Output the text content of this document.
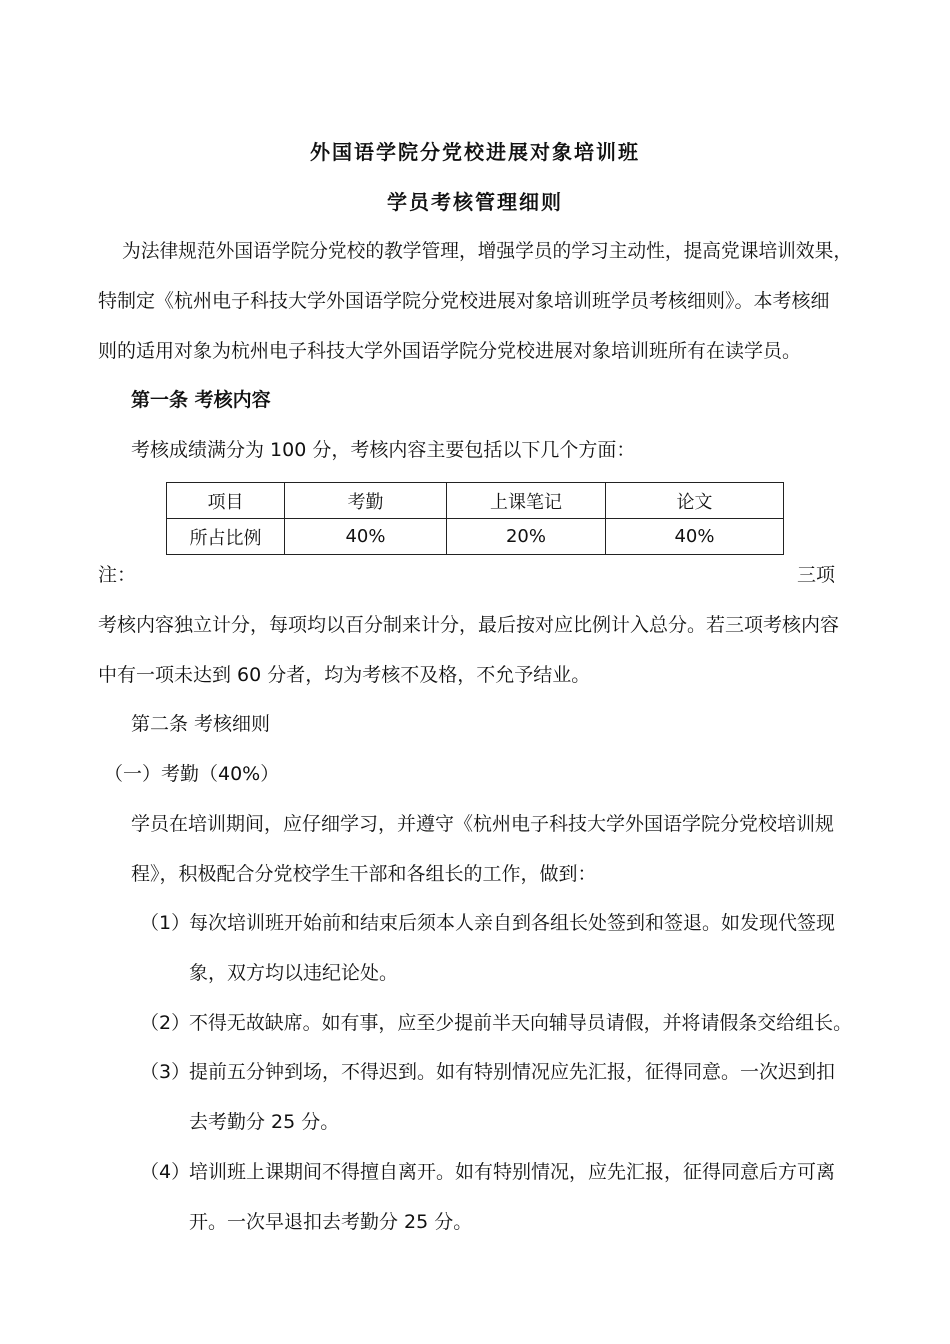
外国语学院分党校进展对象培训班
学员考核管理细则
为法律规范外国语学院分党校的教学管理，增强学员的学习主动性，提高党课培训效果，
特制定《杭州电子科技大学外国语学院分党校进展对象培训班学员考核细则》。本考核细
则的适用对象为杭州电子科技大学外国语学院分党校进展对象培训班所有在读学员。
第一条 考核内容
考核成绩满分为 100 分，考核内容主要包括以下几个方面：
项目	考勤	上课笔记	论文
所占比例	40%	20%	40%
注：	三项
考核内容独立计分，每项均以百分制来计分，最后按对应比例计入总分。若三项考核内容
中有一项未达到 60 分者，均为考核不及格，不允予结业。
第二条 考核细则
（一）考勤（40%）
学员在培训期间，应仔细学习，并遵守《杭州电子科技大学外国语学院分党校培训规
程》，积极配合分党校学生干部和各组长的工作，做到：
（1）
每次培训班开始前和结束后须本人亲自到各组长处签到和签退。如发现代签现
象，双方均以违纪论处。
（2）
不得无故缺席。如有事，应至少提前半天向辅导员请假，并将请假条交给组长。
（3）
提前五分钟到场，不得迟到。如有特别情况应先汇报，征得同意。一次迟到扣
去考勤分 25 分。
（4）
培训班上课期间不得擅自离开。如有特别情况，应先汇报，征得同意后方可离
开。一次早退扣去考勤分 25 分。
